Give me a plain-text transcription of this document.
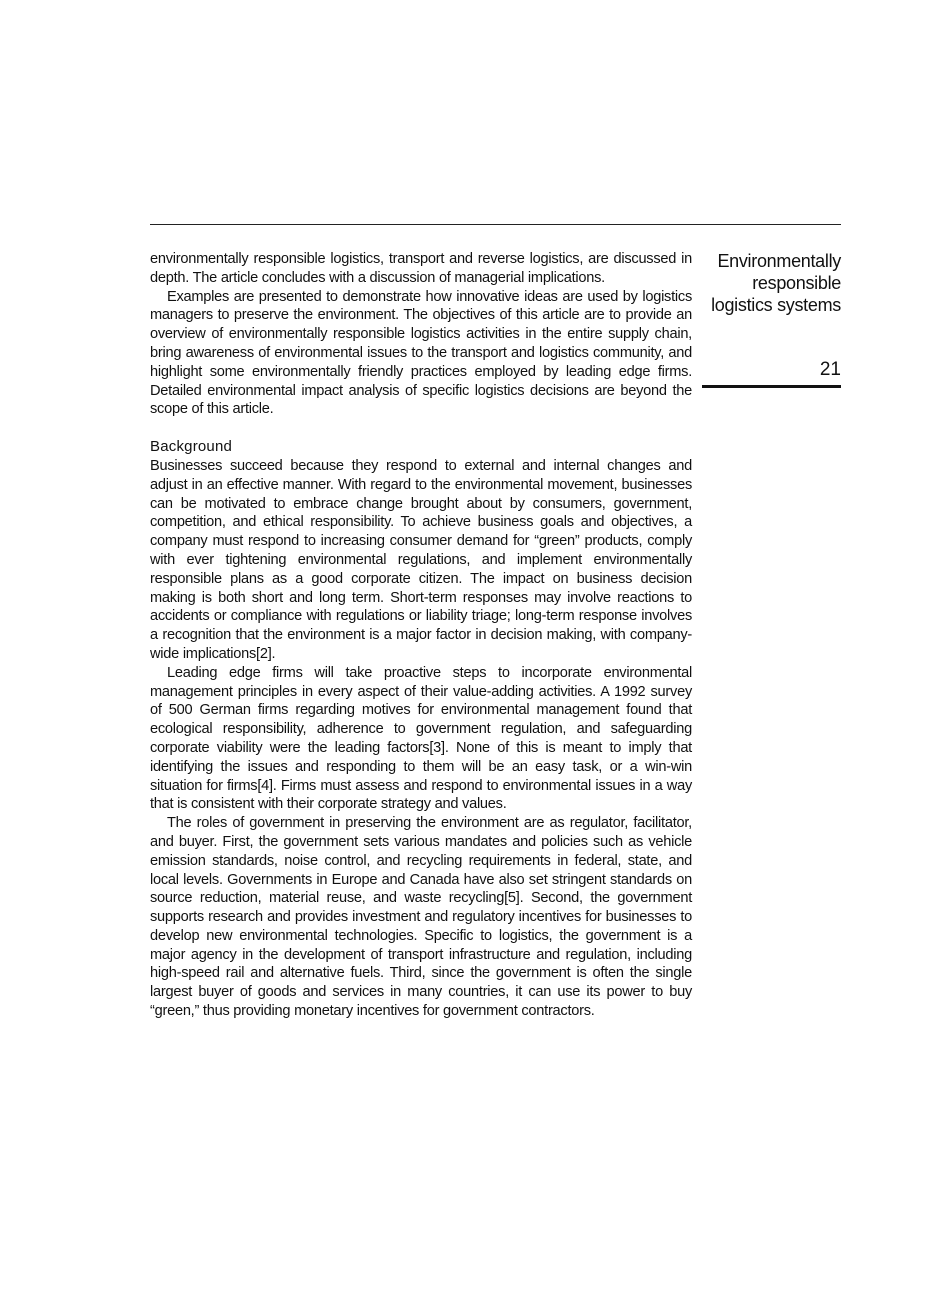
environmentally responsible logistics, transport and reverse logistics, are discussed in depth. The article concludes with a discussion of managerial implications.

Examples are presented to demonstrate how innovative ideas are used by logistics managers to preserve the environment. The objectives of this article are to provide an overview of environmentally responsible logistics activities in the entire supply chain, bring awareness of environmental issues to the transport and logistics community, and highlight some environmentally friendly practices employed by leading edge firms. Detailed environmental impact analysis of specific logistics decisions are beyond the scope of this article.

Background

Businesses succeed because they respond to external and internal changes and adjust in an effective manner. With regard to the environmental movement, businesses can be motivated to embrace change brought about by consumers, government, competition, and ethical responsibility. To achieve business goals and objectives, a company must respond to increasing consumer demand for “green” products, comply with ever tightening environmental regulations, and implement environmentally responsible plans as a good corporate citizen. The impact on business decision making is both short and long term. Short-term responses may involve reactions to accidents or compliance with regulations or liability triage; long-term response involves a recognition that the environment is a major factor in decision making, with company-wide implications[2].

Leading edge firms will take proactive steps to incorporate environmental management principles in every aspect of their value-adding activities. A 1992 survey of 500 German firms regarding motives for environmental management found that ecological responsibility, adherence to government regulation, and safeguarding corporate viability were the leading factors[3]. None of this is meant to imply that identifying the issues and responding to them will be an easy task, or a win-win situation for firms[4]. Firms must assess and respond to environmental issues in a way that is consistent with their corporate strategy and values.

The roles of government in preserving the environment are as regulator, facilitator, and buyer. First, the government sets various mandates and policies such as vehicle emission standards, noise control, and recycling requirements in federal, state, and local levels. Governments in Europe and Canada have also set stringent standards on source reduction, material reuse, and waste recycling[5]. Second, the government supports research and provides investment and regulatory incentives for businesses to develop new environmental technologies. Specific to logistics, the government is a major agency in the development of transport infrastructure and regulation, including high-speed rail and alternative fuels. Third, since the government is often the single largest buyer of goods and services in many countries, it can use its power to buy “green,” thus providing monetary incentives for government contractors.

Environmentally
responsible
logistics systems
21
